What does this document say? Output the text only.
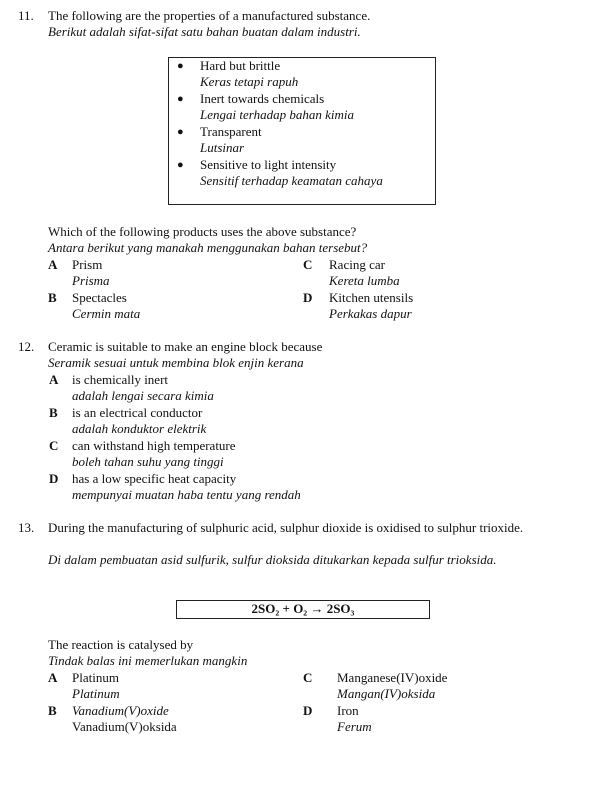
11. The following are the properties of a manufactured substance.
Berikut adalah sifat-sifat satu bahan buatan dalam industri.
● Hard but brittle
Keras tetapi rapuh
● Inert towards chemicals
Lengai terhadap bahan kimia
● Transparent
Lutsinar
● Sensitive to light intensity
Sensitif terhadap keamatan cahaya
Which of the following products uses the above substance?
Antara berikut yang manakah menggunakan bahan tersebut?
A Prism
Prisma
B Spectacles
Cermin mata
C Racing car
Kereta lumba
D Kitchen utensils
Perkakas dapur
12. Ceramic is suitable to make an engine block because
Seramik sesuai untuk membina blok enjin kerana
A is chemically inert
adalah lengai secara kimia
B is an electrical conductor
adalah konduktor elektrik
C can withstand high temperature
boleh tahan suhu yang tinggi
D has a low specific heat capacity
mempunyai muatan haba tentu yang rendah
13. During the manufacturing of sulphuric acid, sulphur dioxide is oxidised to sulphur trioxide.
Di dalam pembuatan asid sulfurik, sulfur dioksida ditukarkan kepada sulfur trioksida.
2SO₂ + O₂ → 2SO₃
The reaction is catalysed by
Tindak balas ini memerlukan mangkin
A Platinum
Platinum
B Vanadium(V)oxide
Vanadium(V)oksida
C Manganese(IV)oxide
Mangan(IV)oksida
D Iron
Ferum
